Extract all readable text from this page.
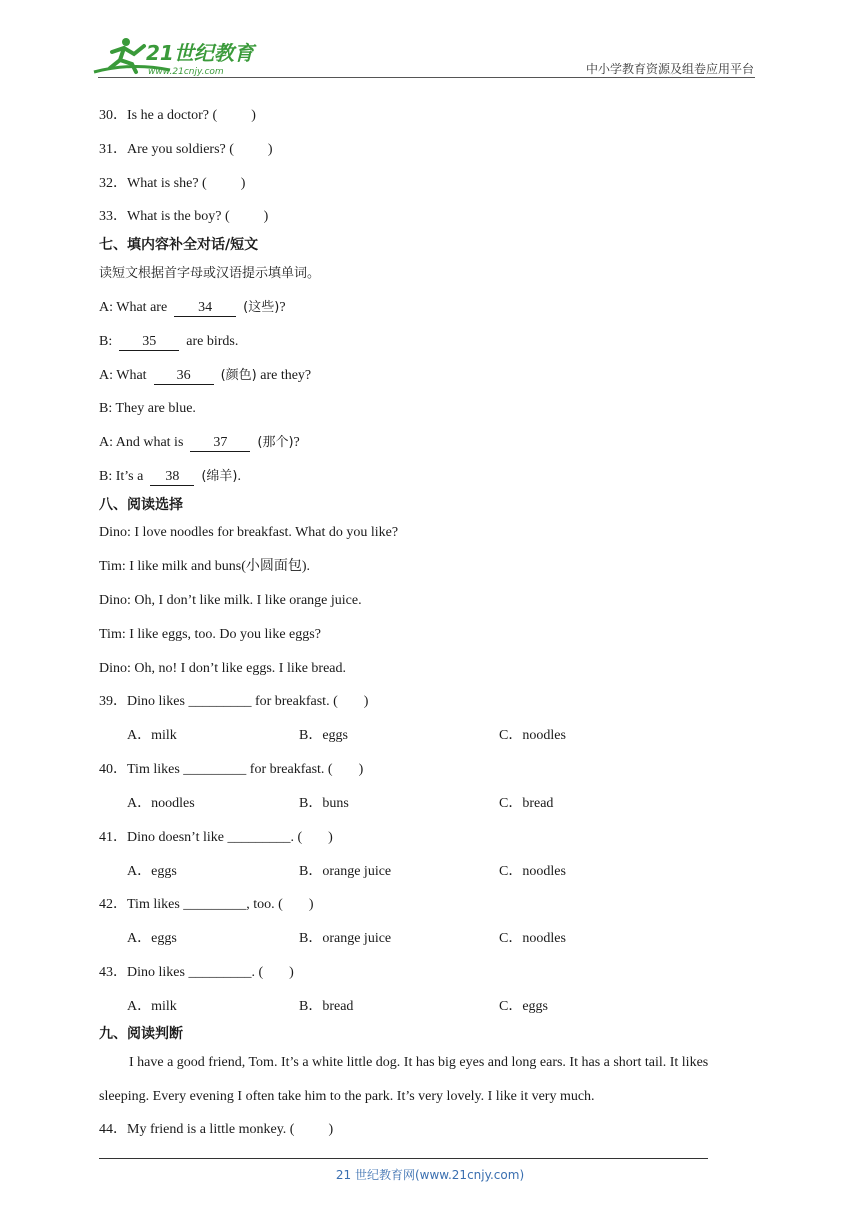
21世纪教育
www.21cnjy.com	中小学教育资源及组卷应用平台
30．Is he a doctor? ( )
31．Are you soldiers? ( )
32．What is she? ( )
33．What is the boy? ( )
七、填内容补全对话/短文
读短文根据首字母或汉语提示填单词。
A: What are 34 (这些)?
B: 35 are birds.
A: What 36 (颜色) are they?
B: They are blue.
A: And what is 37 (那个)?
B: It’s a 38 (绵羊).
八、阅读选择
Dino: I love noodles for breakfast. What do you like?
Tim: I like milk and buns(小圆面包).
Dino: Oh, I don’t like milk. I like orange juice.
Tim: I like eggs, too. Do you like eggs?
Dino: Oh, no! I don’t like eggs. I like bread.
39．Dino likes _________ for breakfast. ( )
A．milk	B．eggs	C．noodles
40．Tim likes _________ for breakfast. ( )
A．noodles	B．buns	C．bread
41．Dino doesn’t like _________. ( )
A．eggs	B．orange juice	C．noodles
42．Tim likes _________, too. ( )
A．eggs	B．orange juice	C．noodles
43．Dino likes _________. ( )
A．milk	B．bread	C．eggs
九、阅读判断
I have a good friend, Tom. It’s a white little dog. It has big eyes and long ears. It has a short tail. It likes
sleeping. Every evening I often take him to the park. It’s very lovely. I like it very much.
44．My friend is a little monkey. ( )
21 世纪教育网(www.21cnjy.com)
